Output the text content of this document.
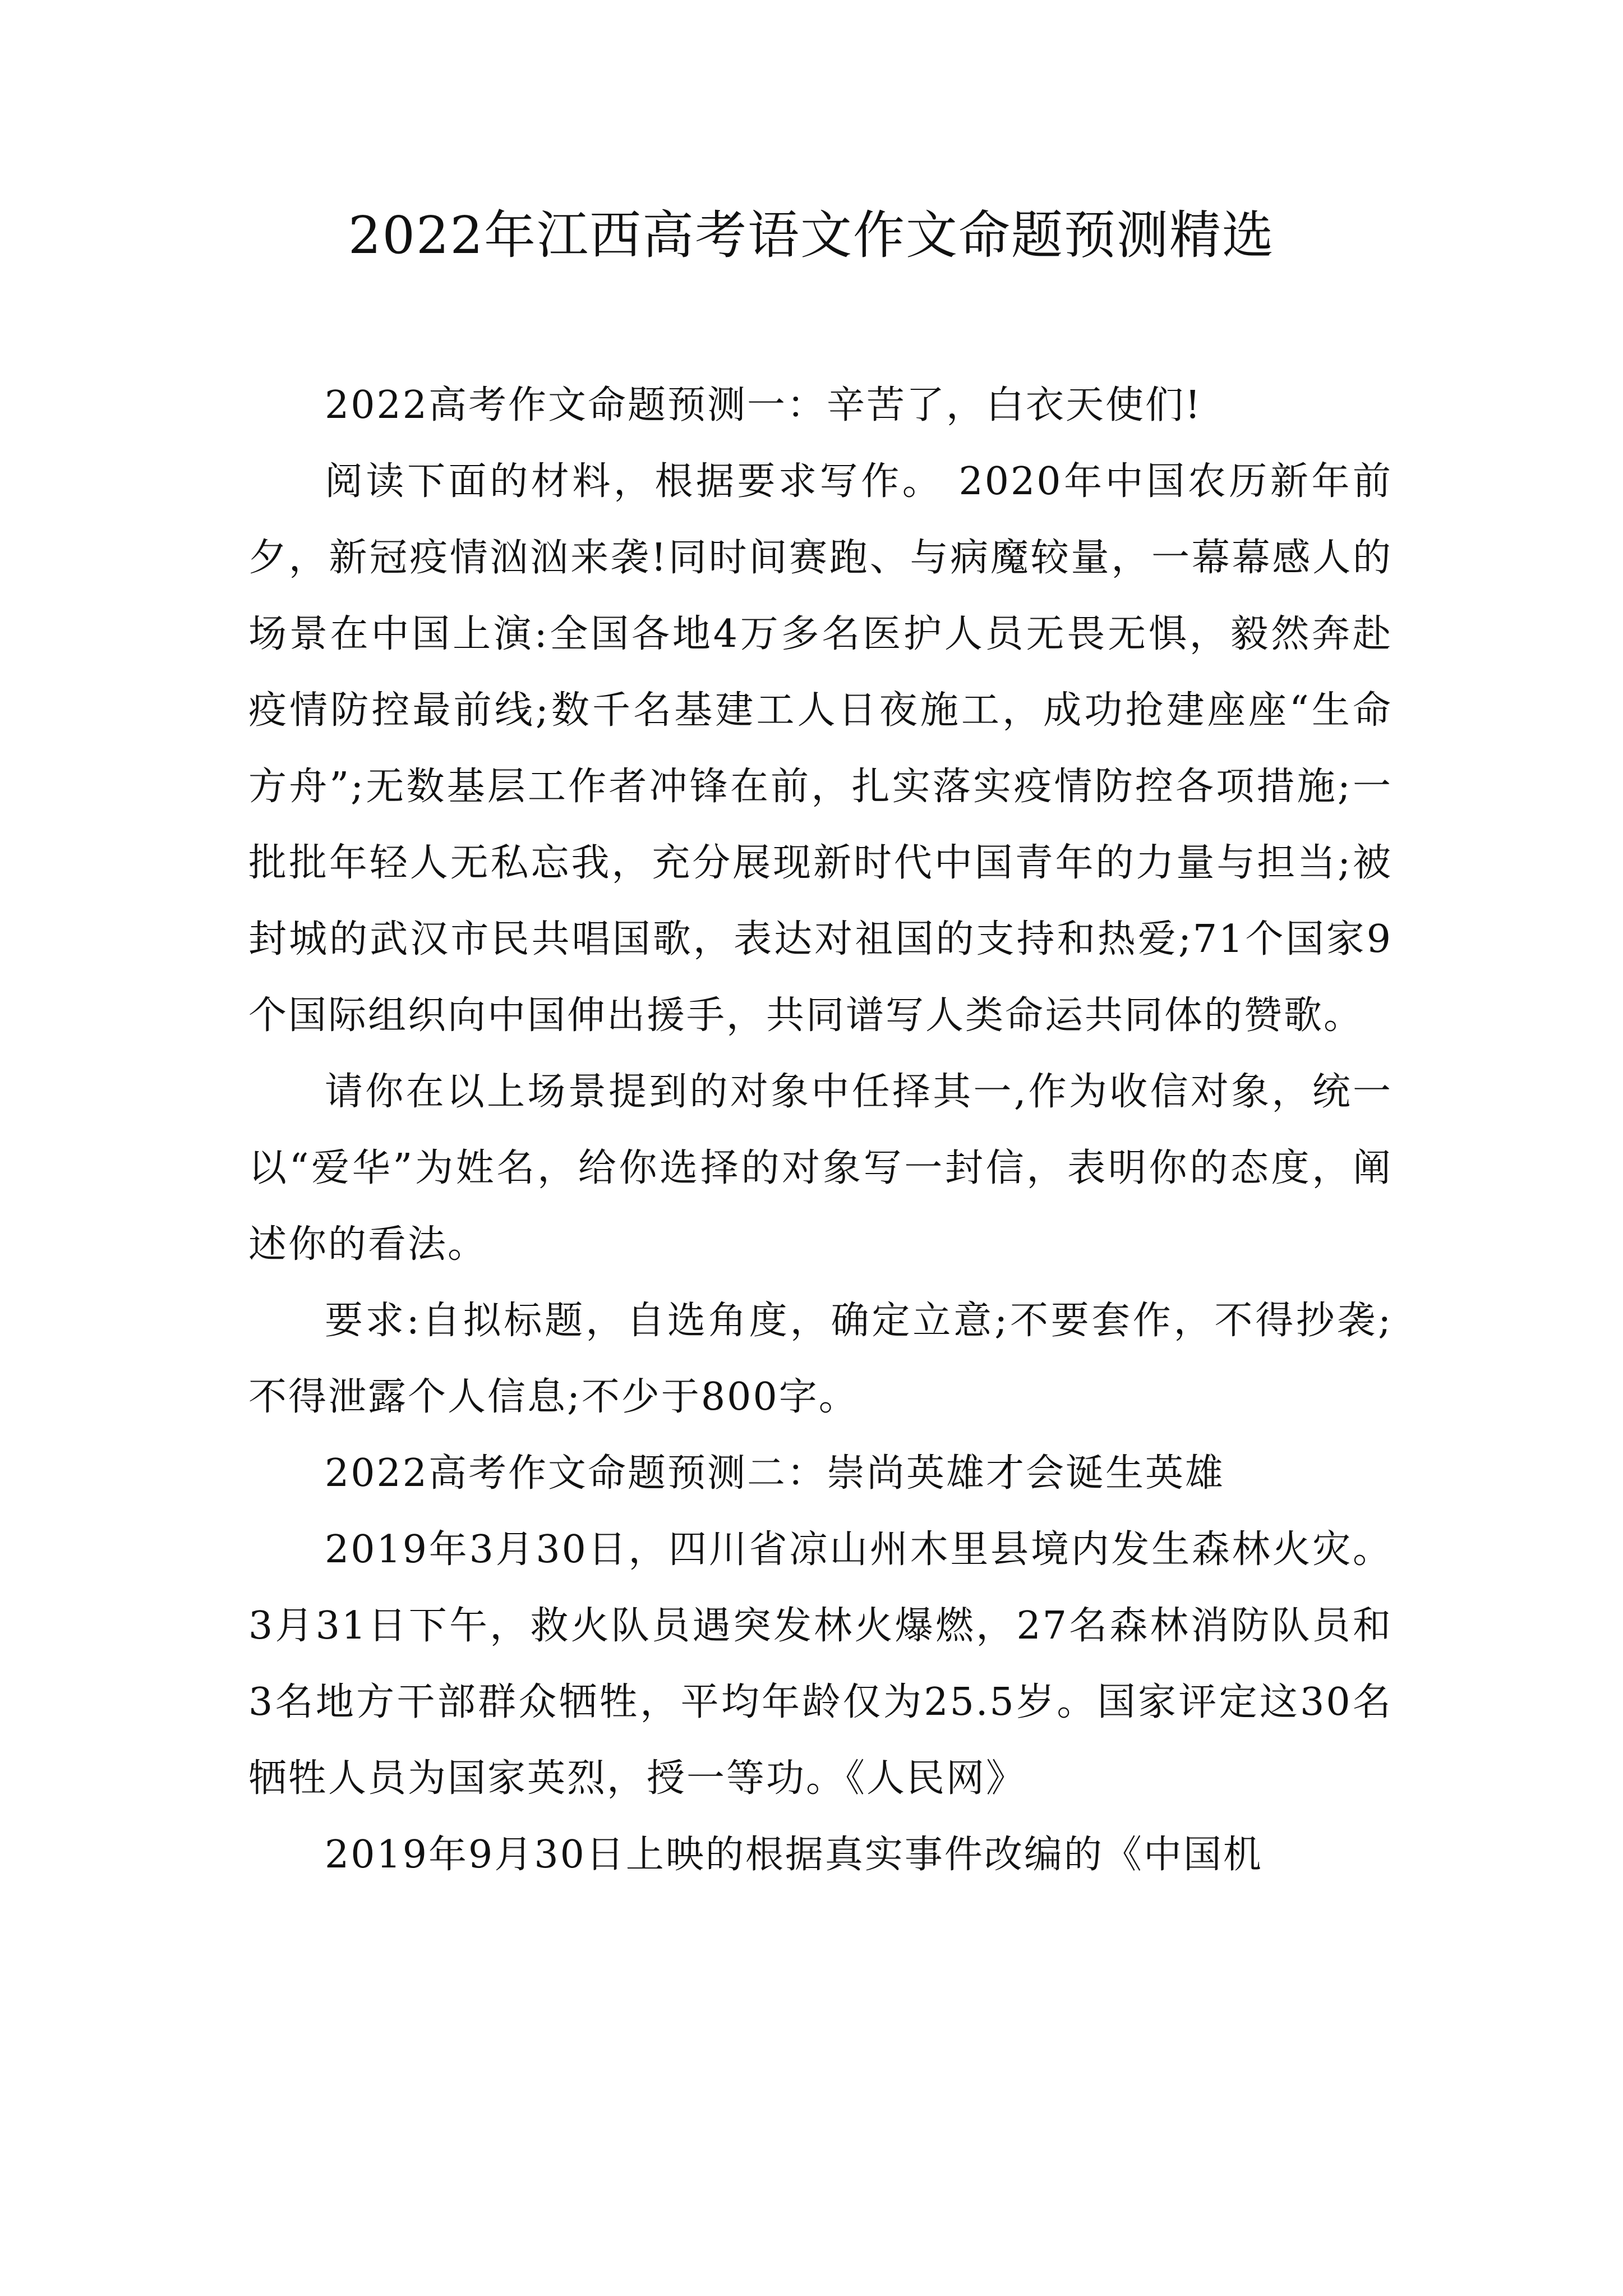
2022年江西高考语文作文命题预测精选

2022高考作文命题预测一：辛苦了，白衣天使们!

阅读下面的材料，根据要求写作。 2020年中国农历新年前夕，新冠疫情汹汹来袭!同时间赛跑、与病魔较量，一幕幕感人的场景在中国上演:全国各地4万多名医护人员无畏无惧，毅然奔赴疫情防控最前线;数千名基建工人日夜施工，成功抢建座座“生命方舟”;无数基层工作者冲锋在前，扎实落实疫情防控各项措施;一批批年轻人无私忘我，充分展现新时代中国青年的力量与担当;被封城的武汉市民共唱国歌，表达对祖国的支持和热爱;71个国家9个国际组织向中国伸出援手，共同谱写人类命运共同体的赞歌。

请你在以上场景提到的对象中任择其一,作为收信对象，统一以“爱华”为姓名，给你选择的对象写一封信，表明你的态度，阐述你的看法。

要求:自拟标题，自选角度，确定立意;不要套作，不得抄袭;不得泄露个人信息;不少于800字。

2022高考作文命题预测二：崇尚英雄才会诞生英雄

2019年3月30日，四川省凉山州木里县境内发生森林火灾。3月31日下午，救火队员遇突发林火爆燃，27名森林消防队员和3名地方干部群众牺牲，平均年龄仅为25.5岁。国家评定这30名牺牲人员为国家英烈，授一等功。《人民网》

2019年9月30日上映的根据真实事件改编的《中国机
